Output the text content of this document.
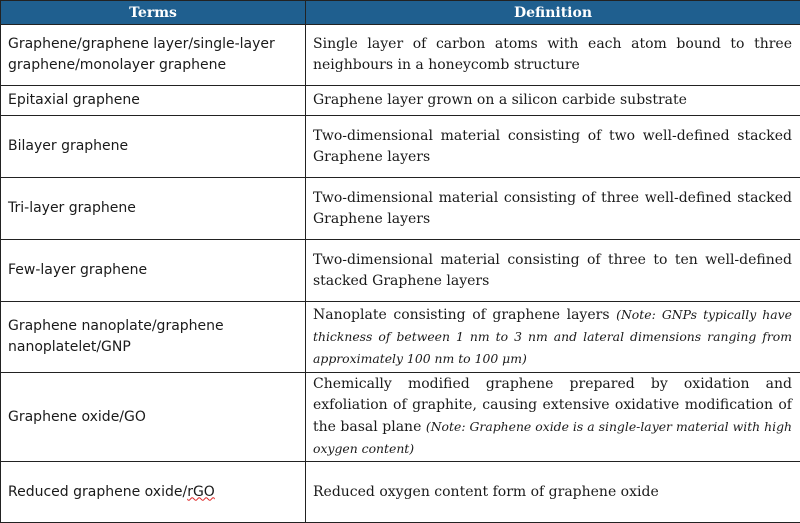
Terms	Definition
Graphene/graphene layer/single-layer graphene/monolayer graphene	Single layer of carbon atoms with each atom bound to three neighbours in a honeycomb structure
Epitaxial graphene	Graphene layer grown on a silicon carbide substrate
Bilayer graphene	Two-dimensional material consisting of two well-defined stacked Graphene layers
Tri-layer graphene	Two-dimensional material consisting of three well-defined stacked Graphene layers
Few-layer graphene	Two-dimensional material consisting of three to ten well-defined stacked Graphene layers
Graphene nanoplate/graphene nanoplatelet/GNP	Nanoplate consisting of graphene layers (Note: GNPs typically have thickness of between 1 nm to 3 nm and lateral dimensions ranging from approximately 100 nm to 100 μm)
Graphene oxide/GO	Chemically modified graphene prepared by oxidation and exfoliation of graphite, causing extensive oxidative modification of the basal plane (Note: Graphene oxide is a single-layer material with high oxygen content)
Reduced graphene oxide/rGO	Reduced oxygen content form of graphene oxide
